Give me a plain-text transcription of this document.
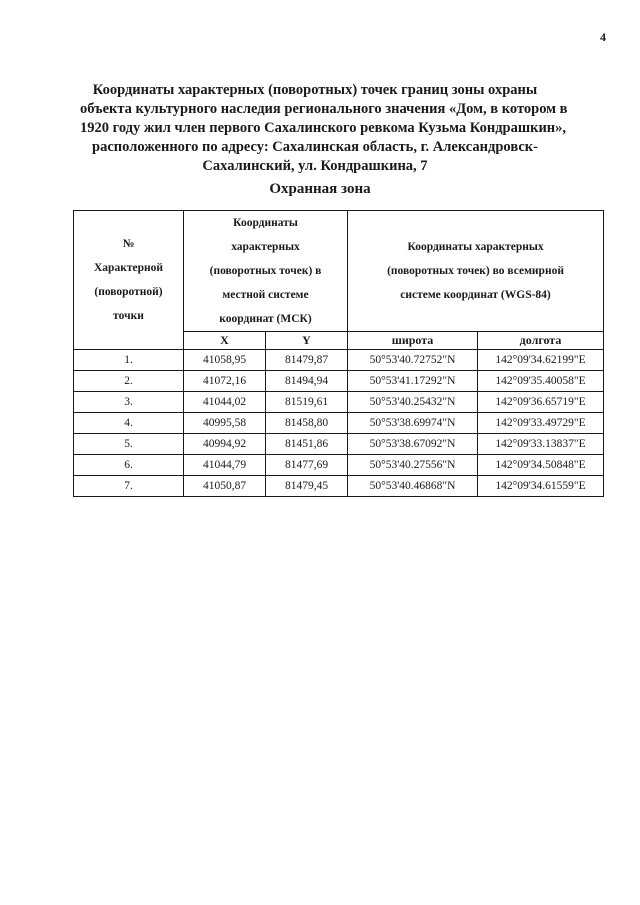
4
Координаты характерных (поворотных) точек границ зоны охраны
объекта культурного наследия регионального значения «Дом, в котором в
1920 году жил член первого Сахалинского ревкома Кузьма Кондрашкин»,
расположенного по адресу: Сахалинская область, г. Александровск-
Сахалинский, ул. Кондрашкина, 7
Охранная зона
№
Характерной
(поворотной)
точки	Координаты
характерных
(поворотных точек) в
местной системе
координат (МСК)		Координаты характерных
(поворотных точек) во всемирной
системе координат (WGS-84)	

	X	Y	широта	долгота
1.	41058,95	81479,87	50°53'40.72752"N	142°09'34.62199"E
2.	41072,16	81494,94	50°53'41.17292"N	142°09'35.40058"E
3.	41044,02	81519,61	50°53'40.25432"N	142°09'36.65719"E
4.	40995,58	81458,80	50°53'38.69974"N	142°09'33.49729"E
5.	40994,92	81451,86	50°53'38.67092"N	142°09'33.13837"E
6.	41044,79	81477,69	50°53'40.27556"N	142°09'34.50848"E
7.	41050,87	81479,45	50°53'40.46868"N	142°09'34.61559"E
